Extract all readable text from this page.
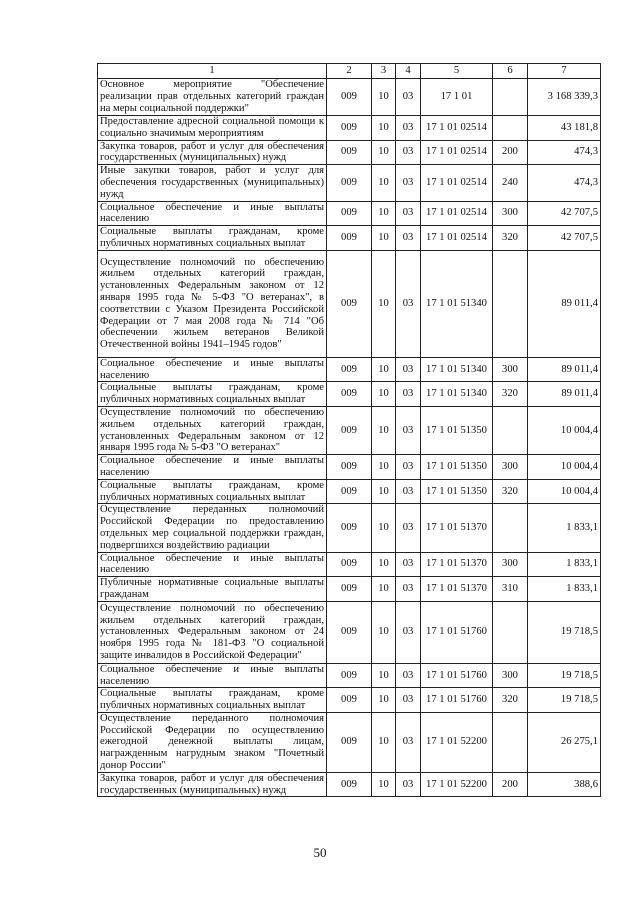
1	2	3	4	5	6	7
Основное мероприятие "Обеспечение реализации прав отдельных категорий граждан на меры социальной поддержки"	009	10	03	17 1 01		3 168 339,3
Предоставление адресной социальной помощи к социально значимым мероприятиям	009	10	03	17 1 01 02514		43 181,8
Закупка товаров, работ и услуг для обеспечения государственных (муниципальных) нужд	009	10	03	17 1 01 02514	200	474,3
Иные закупки товаров, работ и услуг для обеспечения государственных (муниципальных) нужд	009	10	03	17 1 01 02514	240	474,3
Социальное обеспечение и иные выплаты населению	009	10	03	17 1 01 02514	300	42 707,5
Социальные выплаты гражданам, кроме публичных нормативных социальных выплат	009	10	03	17 1 01 02514	320	42 707,5
Осуществление полномочий по обеспечению жильем отдельных категорий граждан, установленных Федеральным законом от 12 января 1995 года № 5-ФЗ "О ветеранах", в соответствии с Указом Президента Российской Федерации от 7 мая 2008 года № 714 "Об обеспечении жильем ветеранов Великой Отечественной войны 1941–1945 годов"	009	10	03	17 1 01 51340		89 011,4
Социальное обеспечение и иные выплаты населению	009	10	03	17 1 01 51340	300	89 011,4
Социальные выплаты гражданам, кроме публичных нормативных социальных выплат	009	10	03	17 1 01 51340	320	89 011,4
Осуществление полномочий по обеспечению жильем отдельных категорий граждан, установленных Федеральным законом от 12 января 1995 года № 5-ФЗ "О ветеранах"	009	10	03	17 1 01 51350		10 004,4
Социальное обеспечение и иные выплаты населению	009	10	03	17 1 01 51350	300	10 004,4
Социальные выплаты гражданам, кроме публичных нормативных социальных выплат	009	10	03	17 1 01 51350	320	10 004,4
Осуществление переданных полномочий Российской Федерации по предоставлению отдельных мер социальной поддержки граждан, подвергшихся воздействию радиации	009	10	03	17 1 01 51370		1 833,1
Социальное обеспечение и иные выплаты населению	009	10	03	17 1 01 51370	300	1 833,1
Публичные нормативные социальные выплаты гражданам	009	10	03	17 1 01 51370	310	1 833,1
Осуществление полномочий по обеспечению жильем отдельных категорий граждан, установленных Федеральным законом от 24 ноября 1995 года № 181-ФЗ "О социальной защите инвалидов в Российской Федерации"	009	10	03	17 1 01 51760		19 718,5
Социальное обеспечение и иные выплаты населению	009	10	03	17 1 01 51760	300	19 718,5
Социальные выплаты гражданам, кроме публичных нормативных социальных выплат	009	10	03	17 1 01 51760	320	19 718,5
Осуществление переданного полномочия Российской Федерации по осуществлению ежегодной денежной выплаты лицам, награжденным нагрудным знаком "Почетный донор России"	009	10	03	17 1 01 52200		26 275,1
Закупка товаров, работ и услуг для обеспечения государственных (муниципальных) нужд	009	10	03	17 1 01 52200	200	388,6
50
